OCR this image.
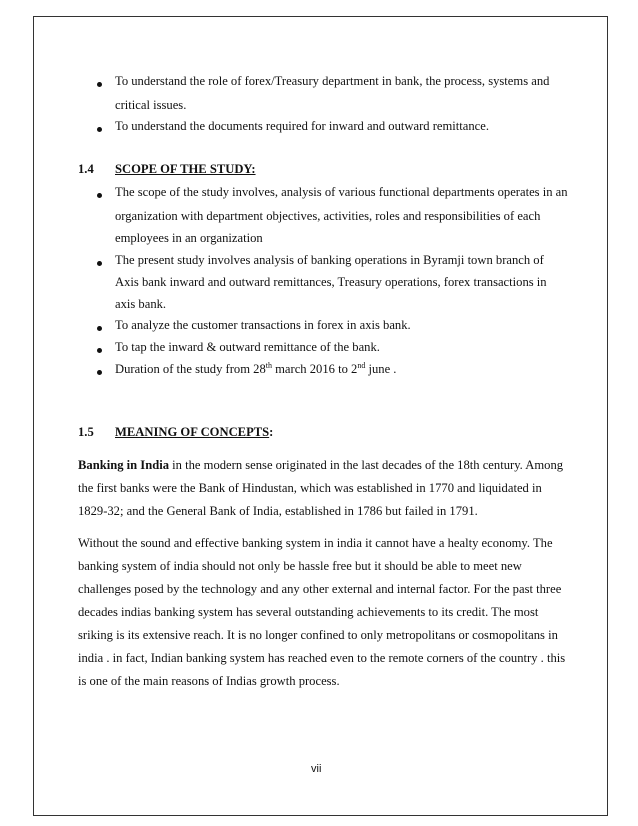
To understand the role of forex/Treasury department in bank, the process, systems and
critical issues.
To understand the documents required for inward and outward remittance.
1.4 SCOPE OF THE STUDY:
The scope of the study involves, analysis of various functional departments operates in an
organization with department objectives, activities, roles and responsibilities of each
employees in an organization
The present study involves analysis of banking operations in Byramji town branch of
Axis bank inward and outward remittances, Treasury operations, forex transactions in
axis bank.
To analyze the customer transactions in forex in axis bank.
To tap the inward & outward remittance of the bank.
Duration of the study from 28th march 2016 to 2nd june .
1.5 MEANING OF CONCEPTS:
Banking in India in the modern sense originated in the last decades of the 18th century. Among
the first banks were the Bank of Hindustan, which was established in 1770 and liquidated in
1829-32; and the General Bank of India, established in 1786 but failed in 1791.
Without the sound and effective banking system in india it cannot have a healty economy. The
banking system of india should not only be hassle free but it should be able to meet new
challenges posed by the technology and any other external and internal factor. For the past three
decades indias banking system has several outstanding achievements to its credit. The most
sriking is its extensive reach. It is no longer confined to only metropolitans or cosmopolitans in
india . in fact, Indian banking system has reached even to the remote corners of the country . this
is one of the main reasons of Indias growth process.
vii
